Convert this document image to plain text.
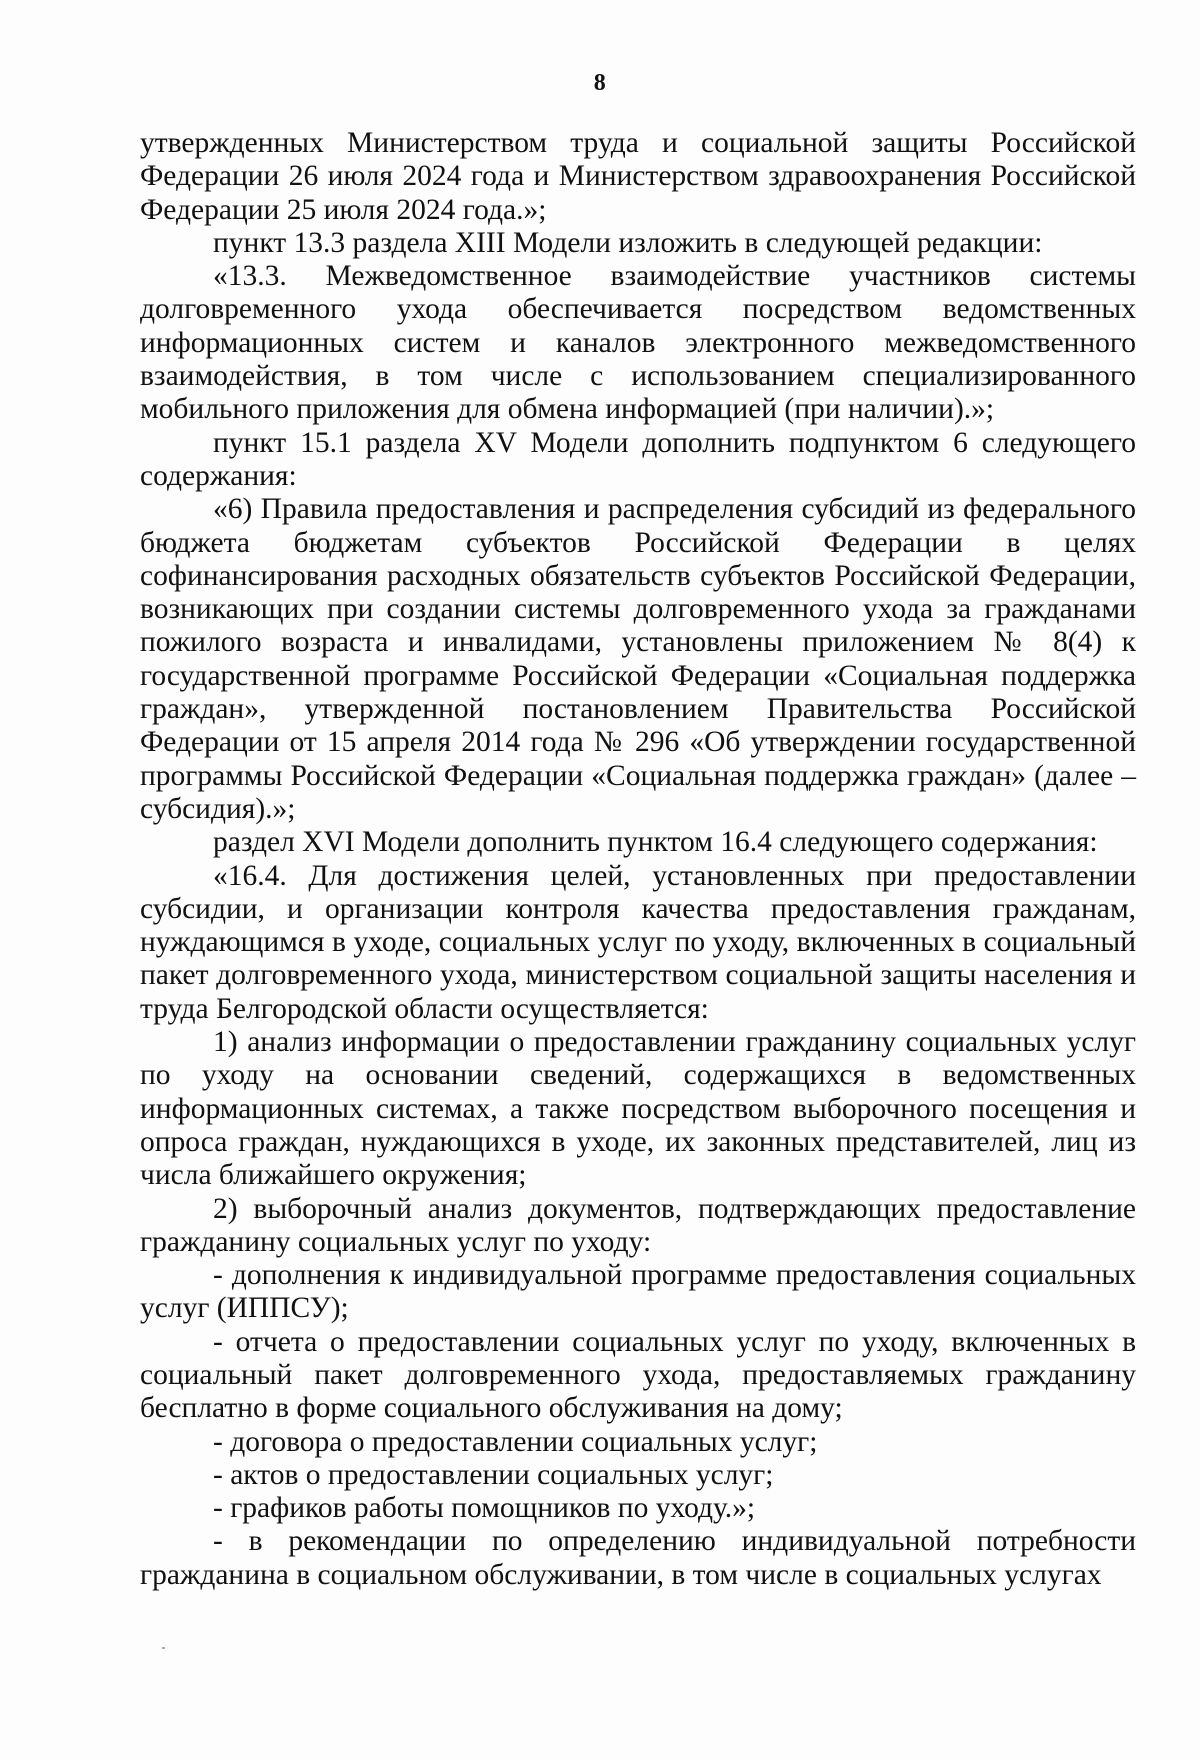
8

утвержденных Министерством труда и социальной защиты Российской Федерации 26 июля 2024 года и Министерством здравоохранения Российской Федерации 25 июля 2024 года.»;

пункт 13.3 раздела XIII Модели изложить в следующей редакции:

«13.3. Межведомственное взаимодействие участников системы долговременного ухода обеспечивается посредством ведомственных информационных систем и каналов электронного межведомственного взаимодействия, в том числе с использованием специализированного мобильного приложения для обмена информацией (при наличии).»;

пункт 15.1 раздела XV Модели дополнить подпунктом 6 следующего содержания:

«6) Правила предоставления и распределения субсидий из федерального бюджета бюджетам субъектов Российской Федерации в целях софинансирования расходных обязательств субъектов Российской Федерации, возникающих при создании системы долговременного ухода за гражданами пожилого возраста и инвалидами, установлены приложением № 8(4) к государственной программе Российской Федерации «Социальная поддержка граждан», утвержденной постановлением Правительства Российской Федерации от 15 апреля 2014 года № 296 «Об утверждении государственной программы Российской Федерации «Социальная поддержка граждан» (далее – субсидия).»;

раздел XVI Модели дополнить пунктом 16.4 следующего содержания:

«16.4. Для достижения целей, установленных при предоставлении субсидии, и организации контроля качества предоставления гражданам, нуждающимся в уходе, социальных услуг по уходу, включенных в социальный пакет долговременного ухода, министерством социальной защиты населения и труда Белгородской области осуществляется:

1) анализ информации о предоставлении гражданину социальных услуг по уходу на основании сведений, содержащихся в ведомственных информационных системах, а также посредством выборочного посещения и опроса граждан, нуждающихся в уходе, их законных представителей, лиц из числа ближайшего окружения;

2) выборочный анализ документов, подтверждающих предоставление гражданину социальных услуг по уходу:

- дополнения к индивидуальной программе предоставления социальных услуг (ИППСУ);

- отчета о предоставлении социальных услуг по уходу, включенных в социальный пакет долговременного ухода, предоставляемых гражданину бесплатно в форме социального обслуживания на дому;

- договора о предоставлении социальных услуг;

- актов о предоставлении социальных услуг;

- графиков работы помощников по уходу.»;

- в рекомендации по определению индивидуальной потребности гражданина в социальном обслуживании, в том числе в социальных услугах
